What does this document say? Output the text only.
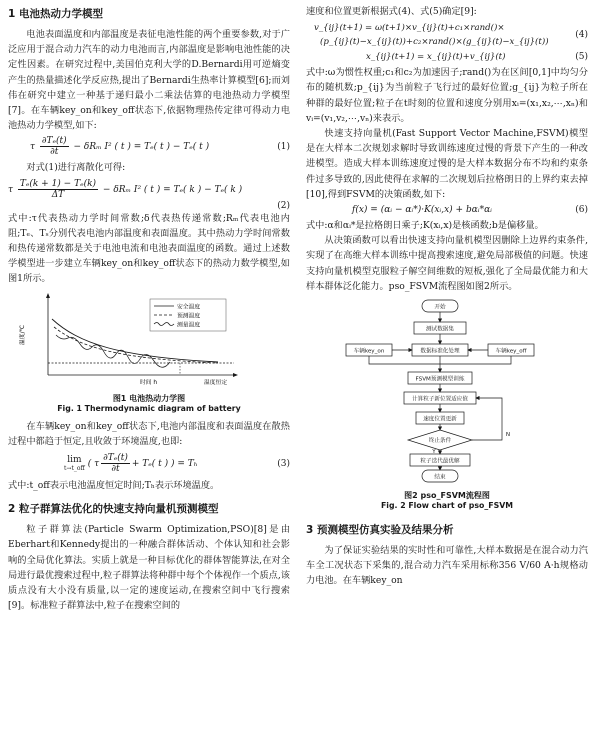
1 电池热动力学模型

电池表面温度和内部温度是表征电池性能的两个重要参数,对于广泛应用于混合动力汽车的动力电池而言,内部温度是影响电池性能的决定性因素。在研究过程中,美国伯克利大学的D.Bernardi用可逆熵变产生的热量描述化学反应热,提出了Bernardi生热率计算模型[6];而刘伟在研究中建立一种基于递归最小二乘法估算的电池热动力学模型[7]。在车辆key_on和key_off状态下,依据物理热传定律可得动力电池热动力学模型,如下:

τ $\frac{\text{∂Tₑ(t)}}{\partial t} - \delta R_m$ I² ( t ) = Tₑ( t ) − Tₑ( t )	(1)

对式(1)进行离散化可得:

τ $\frac{\text{Tₑ(k + 1) − Tₑ(k)}}{\Delta T} - \delta R_m$ I² ( t ) = Tₑ( k ) − Tₑ( k )
(2)

式中:τ代表热动力学时间常数;δ代表热传递常数;Rₘ代表电池内阻;Tₑ、Tₛ分别代表电池内部温度和表面温度。其中热动力学时间常数和热传递常数都是关于电池电流和电池表面温度的函数。通过上述数学模型进一步建立车辆key_on和key_off状态下的热动力数学模型,如图1所示。

安全温度
预测温度
测量温度
温度/℃
时间 h	温度恒定
图1 电池热动力学图
Fig. 1 Thermodynamic diagram of battery

在车辆key_on和key_off状态下,电池内部温度和表面温度在散热过程中都趋于恒定,且收敛于环境温度,也即:

lim
t→t_off ( τ $\frac{\text{∂Tₑ(t)}}{\partial t} + T_e$( t ) ) = Tₕ	(3)

式中:t_off表示电池温度恒定时间;Tₕ表示环境温度。

2 粒子群算法优化的快速支持向量机预测模型

粒子群算法(Particle Swarm Optimization,PSO)[8]是由Eberhart和Kennedy提出的一种融合群体活动、个体认知和社会影响的全局优化算法。实质上就是一种目标优化的群体智能算法,在对全局进行最优搜索过程中,粒子群算法将种群中每个个体视作一个质点,该质点没有大小没有质量,以一定的速度运动,在搜索空间中飞行搜索[9]。标准粒子群算法中,粒子在搜索空间的

速度和位置更新根据式(4)、式(5)确定[9]:

v_{ij}(t+1) = ω(t+1)×v_{ij}(t)+c₁×rand()×
(p_{ij}(t)−x_{ij}(t))+c₂×rand()×(g_{ij}(t)−x_{ij}(t))
(4)
x_{ij}(t+1) = x_{ij}(t)+v_{ij}(t)	(5)

式中:ω为惯性权重;c₁和c₂为加速因子;rand()为在区间[0,1]中均匀分布的随机数;p_{ij}为当前粒子飞行过的最好位置;g_{ij}为粒子所在种群的最好位置;粒子在t时刻的位置和速度分别用xᵢ=(x₁,x₂,⋯,xₙ)和vᵢ=(v₁,v₂,⋯,vₙ)来表示。

快速支持向量机(Fast Support Vector Machine,FSVM)模型是在大样本二次规划求解时导致训练速度过慢的背景下产生的一种改进模型。造成大样本训练速度过慢的是大样本数据分布不均和约束条件过多导致的,因此使得在求解的二次规划后拉格朗日的上界约束去掉[10],得到FSVM的决策函数,如下:

f(x) = (αᵢ − αᵢ*)·K(xᵢ,x) + bαᵢ*αᵢ	(6)

式中:α和αᵢ*是拉格朗日乘子;K(xᵢ,x)是核函数;b是偏移量。

从决策函数可以看出快速支持向量机模型因删除上边界约束条件,实现了在高维大样本训练中提高搜索速度,避免局部极值的问题。快速支持向量机模型克服粒子解空间维数的短板,强化了全局最优能力和大样本群体泛化能力。pso_FSVM流程图如图2所示。

开始
测试数据集
车辆key_on	数据标准化处理	车辆key_off
FSVM预测模型训练
计算粒子新位置适应值
速度位置更新
终止条件
Y
N
粒子迭代最优解
结束
图2 pso_FSVM流程图
Fig. 2 Flow chart of pso_FSVM
3 预测模型仿真实验及结果分析

为了保证实验结果的实时性和可靠性,大样本数据是在混合动力汽车全工况状态下采集的,混合动力汽车采用标称356 V/60 A·h规格动力电池。在车辆key_on
